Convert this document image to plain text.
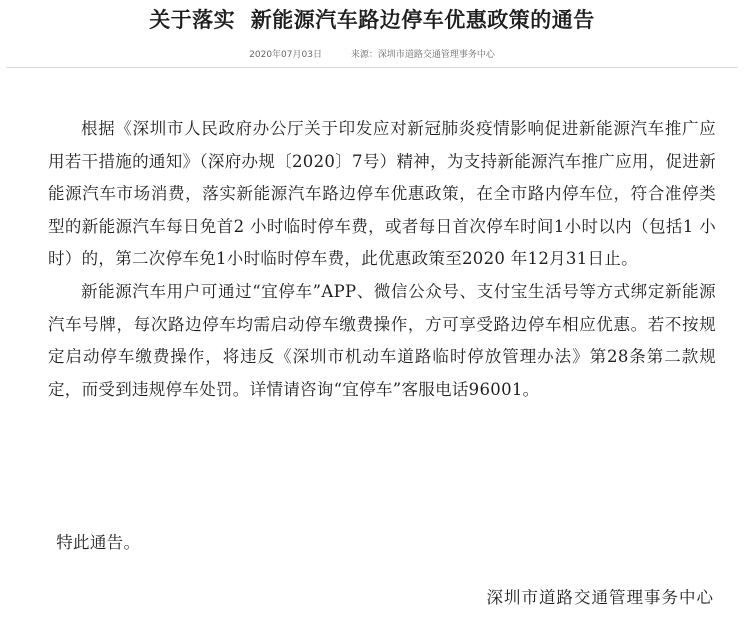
关于落实  新能源汽车路边停车优惠政策的通告
2020年07月03日	来源：深圳市道路交通管理事务中心

根据《深圳市人民政府办公厅关于印发应对新冠肺炎疫情影响促进新能源汽车推广应用若干措施的通知》（深府办规〔2020〕7号）精神，为支持新能源汽车推广应用，促进新能源汽车市场消费，落实新能源汽车路边停车优惠政策，在全市路内停车位，符合准停类型的新能源汽车每日免首2 小时临时停车费，或者每日首次停车时间1小时以内（包括1 小时）的，第二次停车免1小时临时停车费，此优惠政策至2020 年12月31日止。

新能源汽车用户可通过“宜停车”APP、微信公众号、支付宝生活号等方式绑定新能源汽车号牌，每次路边停车均需启动停车缴费操作，方可享受路边停车相应优惠。若不按规定启动停车缴费操作，将违反《深圳市机动车道路临时停放管理办法》第28条第二款规定，而受到违规停车处罚。详情请咨询“宜停车”客服电话96001。

特此通告。
深圳市道路交通管理事务中心
